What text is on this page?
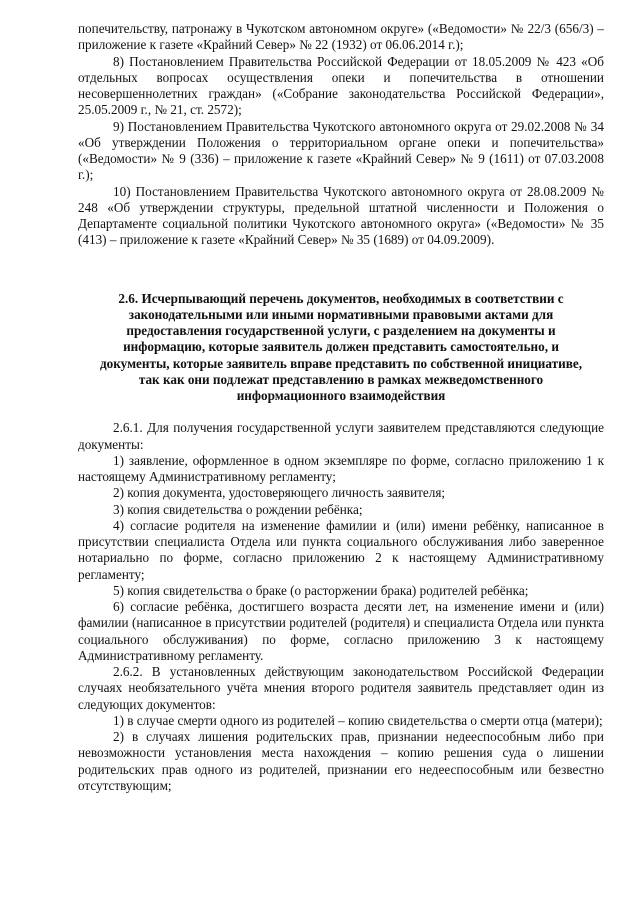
попечительству, патронажу в Чукотском автономном округе» («Ведомости» № 22/3 (656/3) – приложение к газете «Крайний Север» № 22 (1932) от 06.06.2014 г.);

8) Постановлением Правительства Российской Федерации от 18.05.2009 № 423 «Об отдельных вопросах осуществления опеки и попечительства в отношении несовершеннолетних граждан» («Собрание законодательства Российской Федерации», 25.05.2009 г., № 21, ст. 2572);

9) Постановлением Правительства Чукотского автономного округа от 29.02.2008 № 34 «Об утверждении Положения о территориальном органе опеки и попечительства» («Ведомости» № 9 (336) – приложение к газете «Крайний Север» № 9 (1611) от 07.03.2008 г.);

10) Постановлением Правительства Чукотского автономного округа от 28.08.2009 № 248 «Об утверждении структуры, предельной штатной численности и Положения о Департаменте социальной политики Чукотского автономного округа» («Ведомости» № 35 (413) – приложение к газете «Крайний Север» № 35 (1689) от 04.09.2009).

2.6. Исчерпывающий перечень документов, необходимых в соответствии с законодательными или иными нормативными правовыми актами для предоставления государственной услуги, с разделением на документы и информацию, которые заявитель должен представить самостоятельно, и документы, которые заявитель вправе представить по собственной инициативе, так как они подлежат представлению в рамках межведомственного информационного взаимодействия

2.6.1. Для получения государственной услуги заявителем представляются следующие документы:

1) заявление, оформленное в одном экземпляре по форме, согласно приложению 1 к настоящему Административному регламенту;

2) копия документа, удостоверяющего личность заявителя;

3) копия свидетельства о рождении ребёнка;

4) согласие родителя на изменение фамилии и (или) имени ребёнку, написанное в присутствии специалиста Отдела или пункта социального обслуживания либо заверенное нотариально по форме, согласно приложению 2 к настоящему Административному регламенту;

5) копия свидетельства о браке (о расторжении брака) родителей ребёнка;

6) согласие ребёнка, достигшего возраста десяти лет, на изменение имени и (или) фамилии (написанное в присутствии родителей (родителя) и специалиста Отдела или пункта социального обслуживания) по форме, согласно приложению 3 к настоящему Административному регламенту.

2.6.2. В установленных действующим законодательством Российской Федерации случаях необязательного учёта мнения второго родителя заявитель представляет один из следующих документов:

1) в случае смерти одного из родителей – копию свидетельства о смерти отца (матери);

2) в случаях лишения родительских прав, признании недееспособным либо при невозможности установления места нахождения – копию решения суда о лишении родительских прав одного из родителей, признании его недееспособным или безвестно отсутствующим;
